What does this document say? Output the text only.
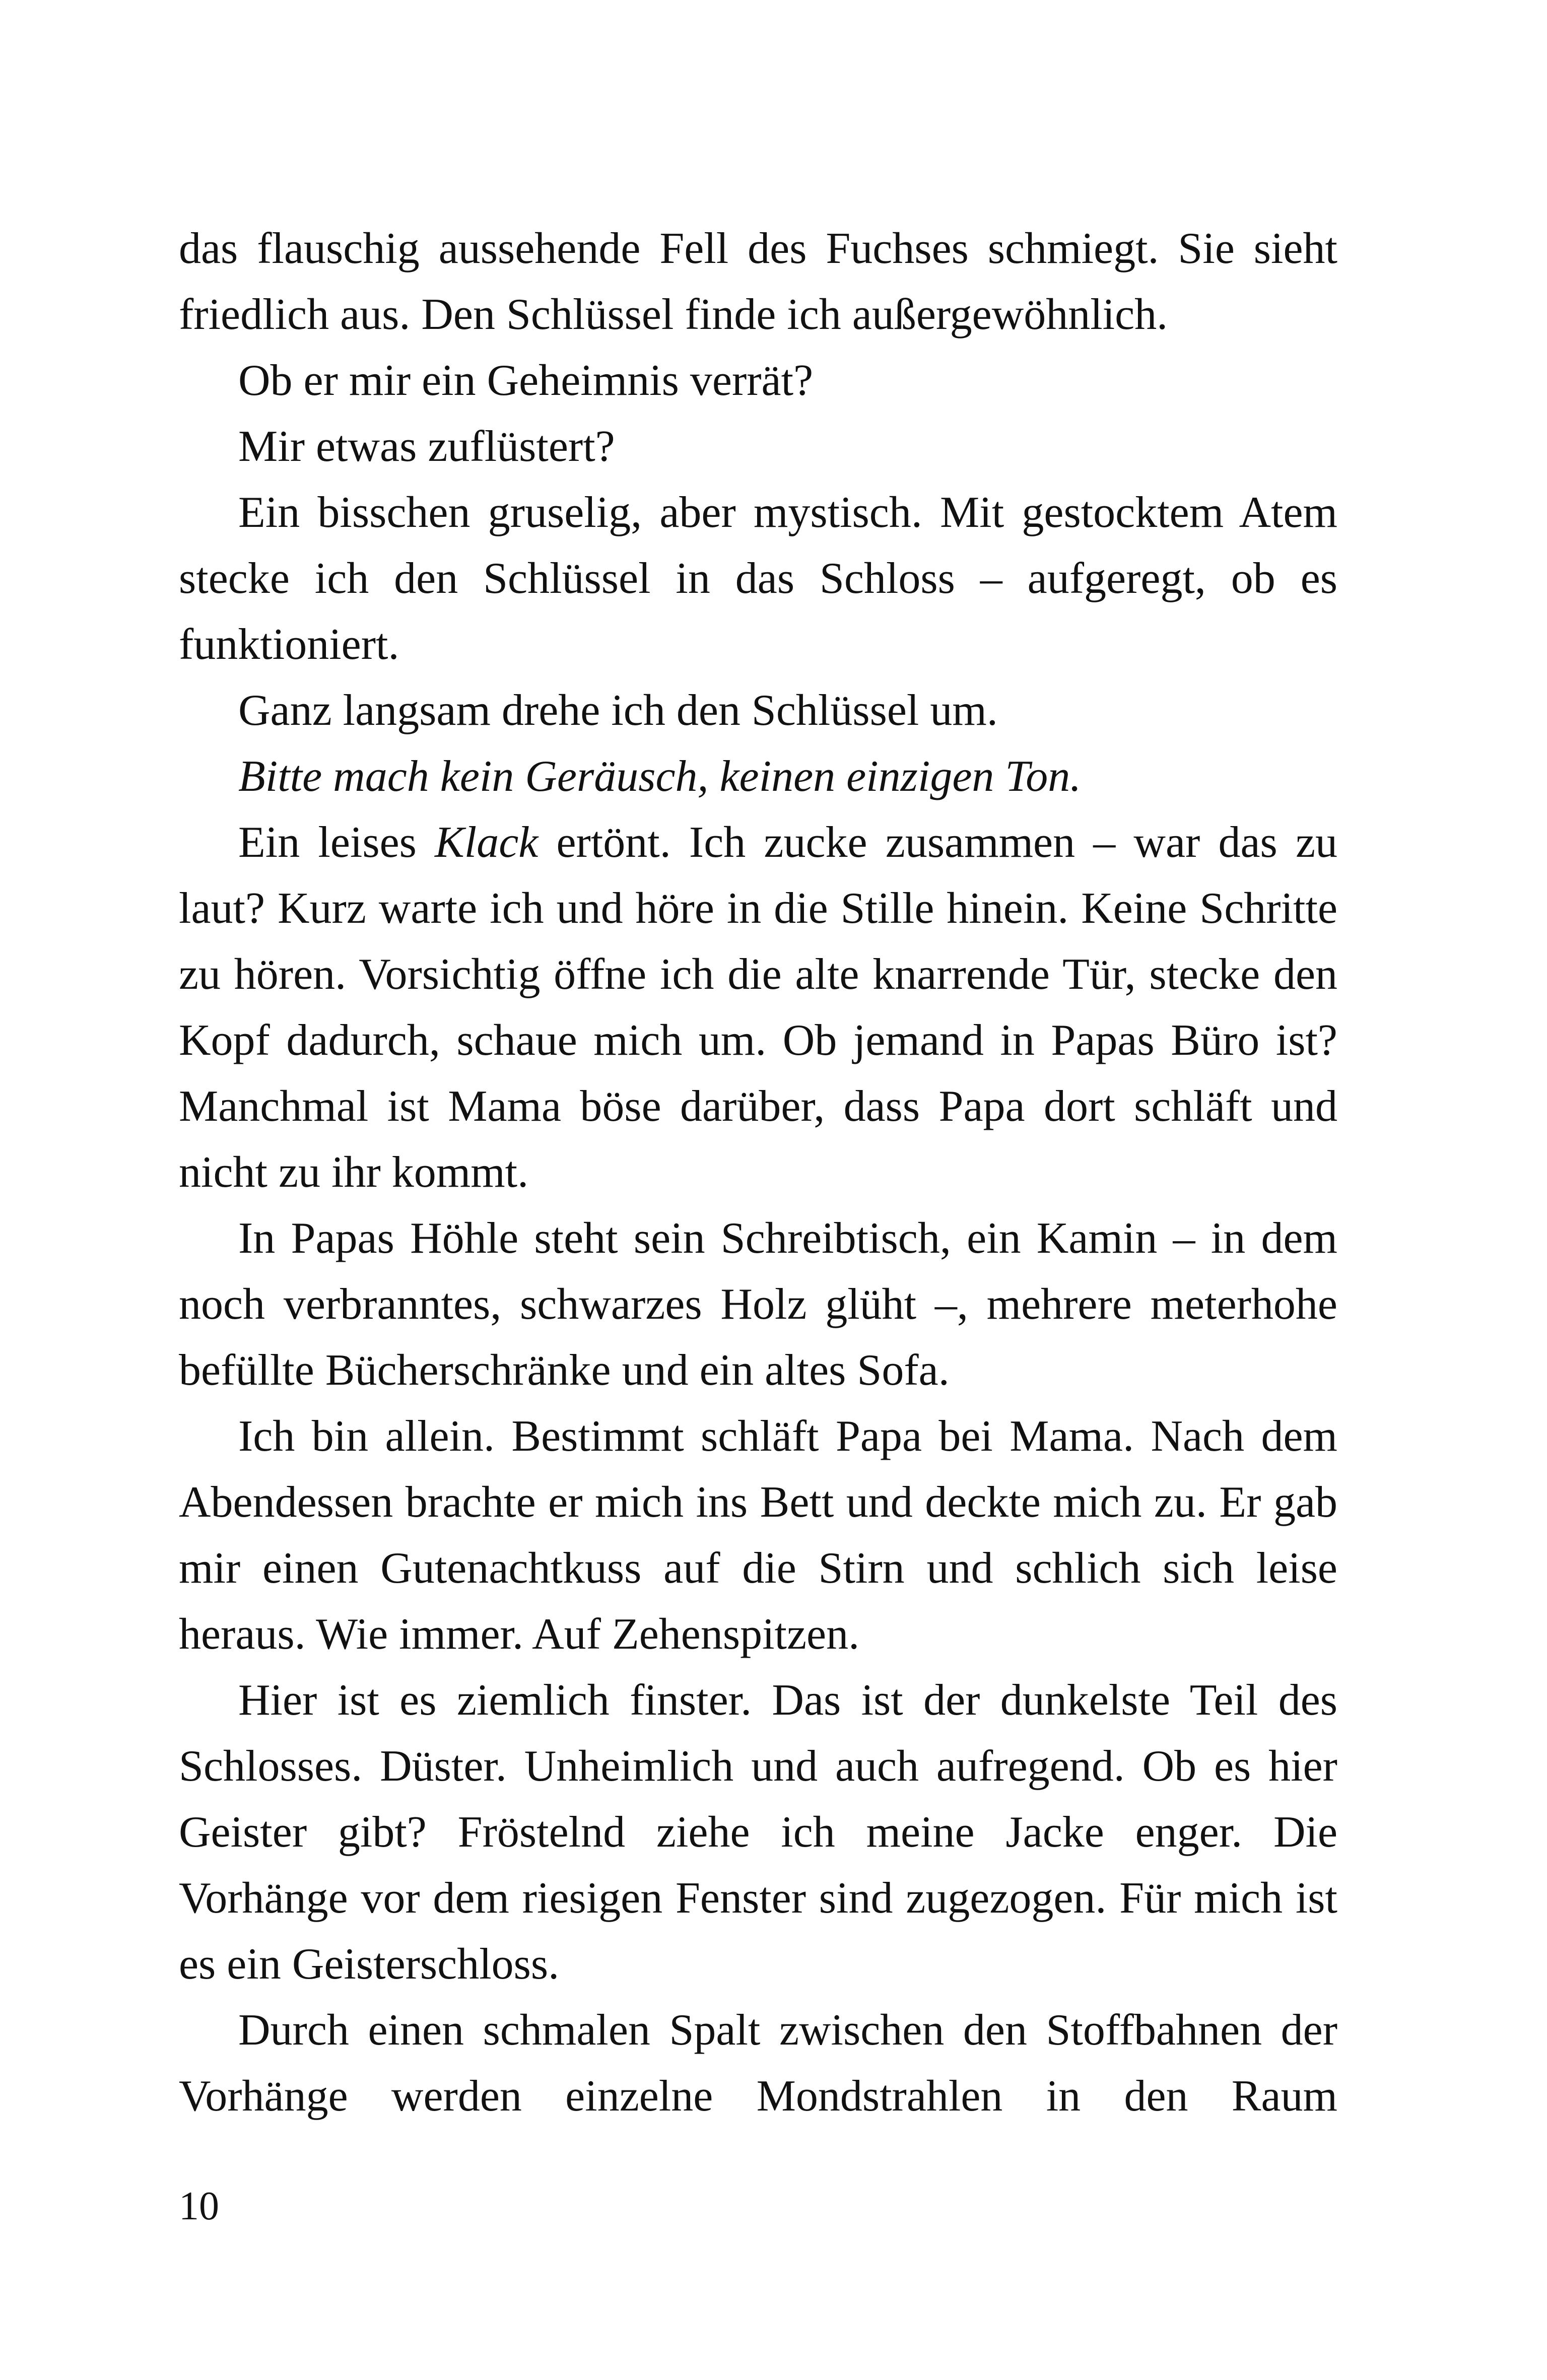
das flauschig aussehende Fell des Fuchses schmiegt. Sie sieht friedlich aus. Den Schlüssel finde ich außergewöhnlich.

Ob er mir ein Geheimnis verrät?

Mir etwas zuflüstert?

Ein bisschen gruselig, aber mystisch. Mit gestocktem Atem stecke ich den Schlüssel in das Schloss – aufgeregt, ob es funktioniert.

Ganz langsam drehe ich den Schlüssel um.

Bitte mach kein Geräusch, keinen einzigen Ton.

Ein leises Klack ertönt. Ich zucke zusammen – war das zu laut? Kurz warte ich und höre in die Stille hinein. Keine Schritte zu hören. Vorsichtig öffne ich die alte knarrende Tür, stecke den Kopf dadurch, schaue mich um. Ob jemand in Papas Büro ist? Manchmal ist Mama böse darüber, dass Papa dort schläft und nicht zu ihr kommt.

In Papas Höhle steht sein Schreibtisch, ein Kamin – in dem noch verbranntes, schwarzes Holz glüht –, mehrere meterhohe befüllte Bücherschränke und ein altes Sofa.

Ich bin allein. Bestimmt schläft Papa bei Mama. Nach dem Abendessen brachte er mich ins Bett und deckte mich zu. Er gab mir einen Gutenachtkuss auf die Stirn und schlich sich leise heraus. Wie immer. Auf Zehenspitzen.

Hier ist es ziemlich finster. Das ist der dunkelste Teil des Schlosses. Düster. Unheimlich und auch aufregend. Ob es hier Geister gibt? Fröstelnd ziehe ich meine Jacke enger. Die Vorhänge vor dem riesigen Fenster sind zugezogen. Für mich ist es ein Geisterschloss.

Durch einen schmalen Spalt zwischen den Stoffbahnen der Vorhänge werden einzelne Mondstrahlen in den Raum

10
